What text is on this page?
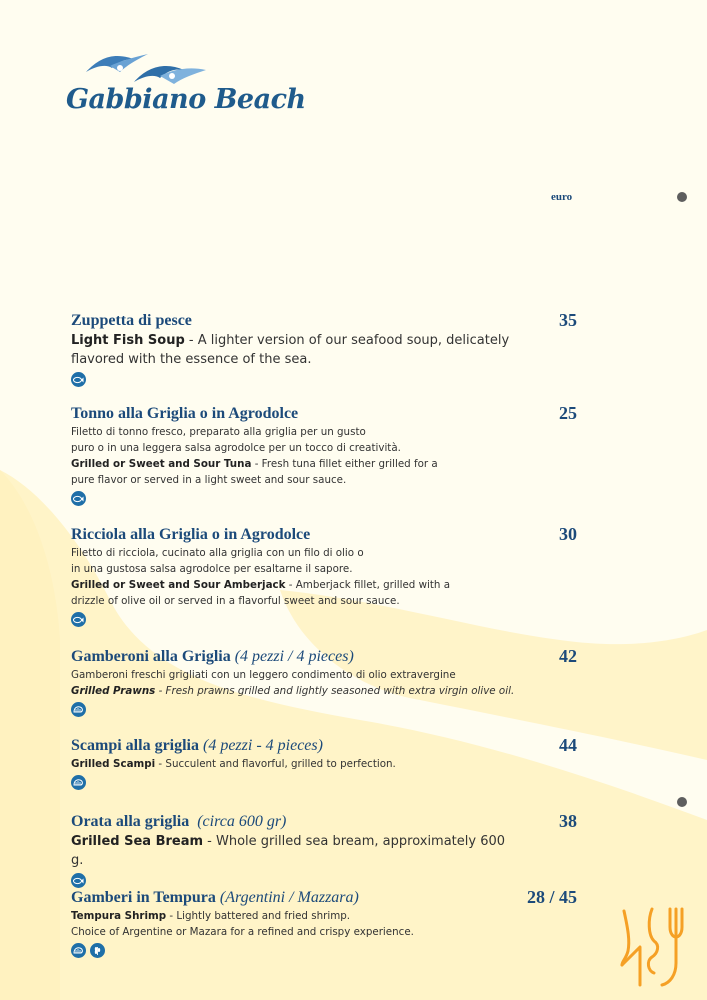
Gabbiano Beach
euro
Zuppetta di pesce	35
Light Fish Soup - A lighter version of our seafood soup, delicately flavored with the essence of the sea.
Tonno alla Griglia o in Agrodolce	25
Filetto di tonno fresco, preparato alla griglia per un gusto
puro o in una leggera salsa agrodolce per un tocco di creatività.
Grilled or Sweet and Sour Tuna - Fresh tuna fillet either grilled for a
pure flavor or served in a light sweet and sour sauce.
Ricciola alla Griglia o in Agrodolce	30
Filetto di ricciola, cucinato alla griglia con un filo di olio o
in una gustosa salsa agrodolce per esaltarne il sapore.
Grilled or Sweet and Sour Amberjack - Amberjack fillet, grilled with a
drizzle of olive oil or served in a flavorful sweet and sour sauce.
Gamberoni alla Griglia (4 pezzi / 4 pieces)	42
Gamberoni freschi grigliati con un leggero condimento di olio extravergine
Grilled Prawns - Fresh prawns grilled and lightly seasoned with extra virgin olive oil.
Scampi alla griglia (4 pezzi - 4 pieces)	44
Grilled Scampi - Succulent and flavorful, grilled to perfection.
Orata alla griglia (circa 600 gr)	38
Grilled Sea Bream - Whole grilled sea bream, approximately 600 g.
Gamberi in Tempura (Argentini / Mazzara)	28 / 45
Tempura Shrimp - Lightly battered and fried shrimp.
Choice of Argentine or Mazara for a refined and crispy experience.
